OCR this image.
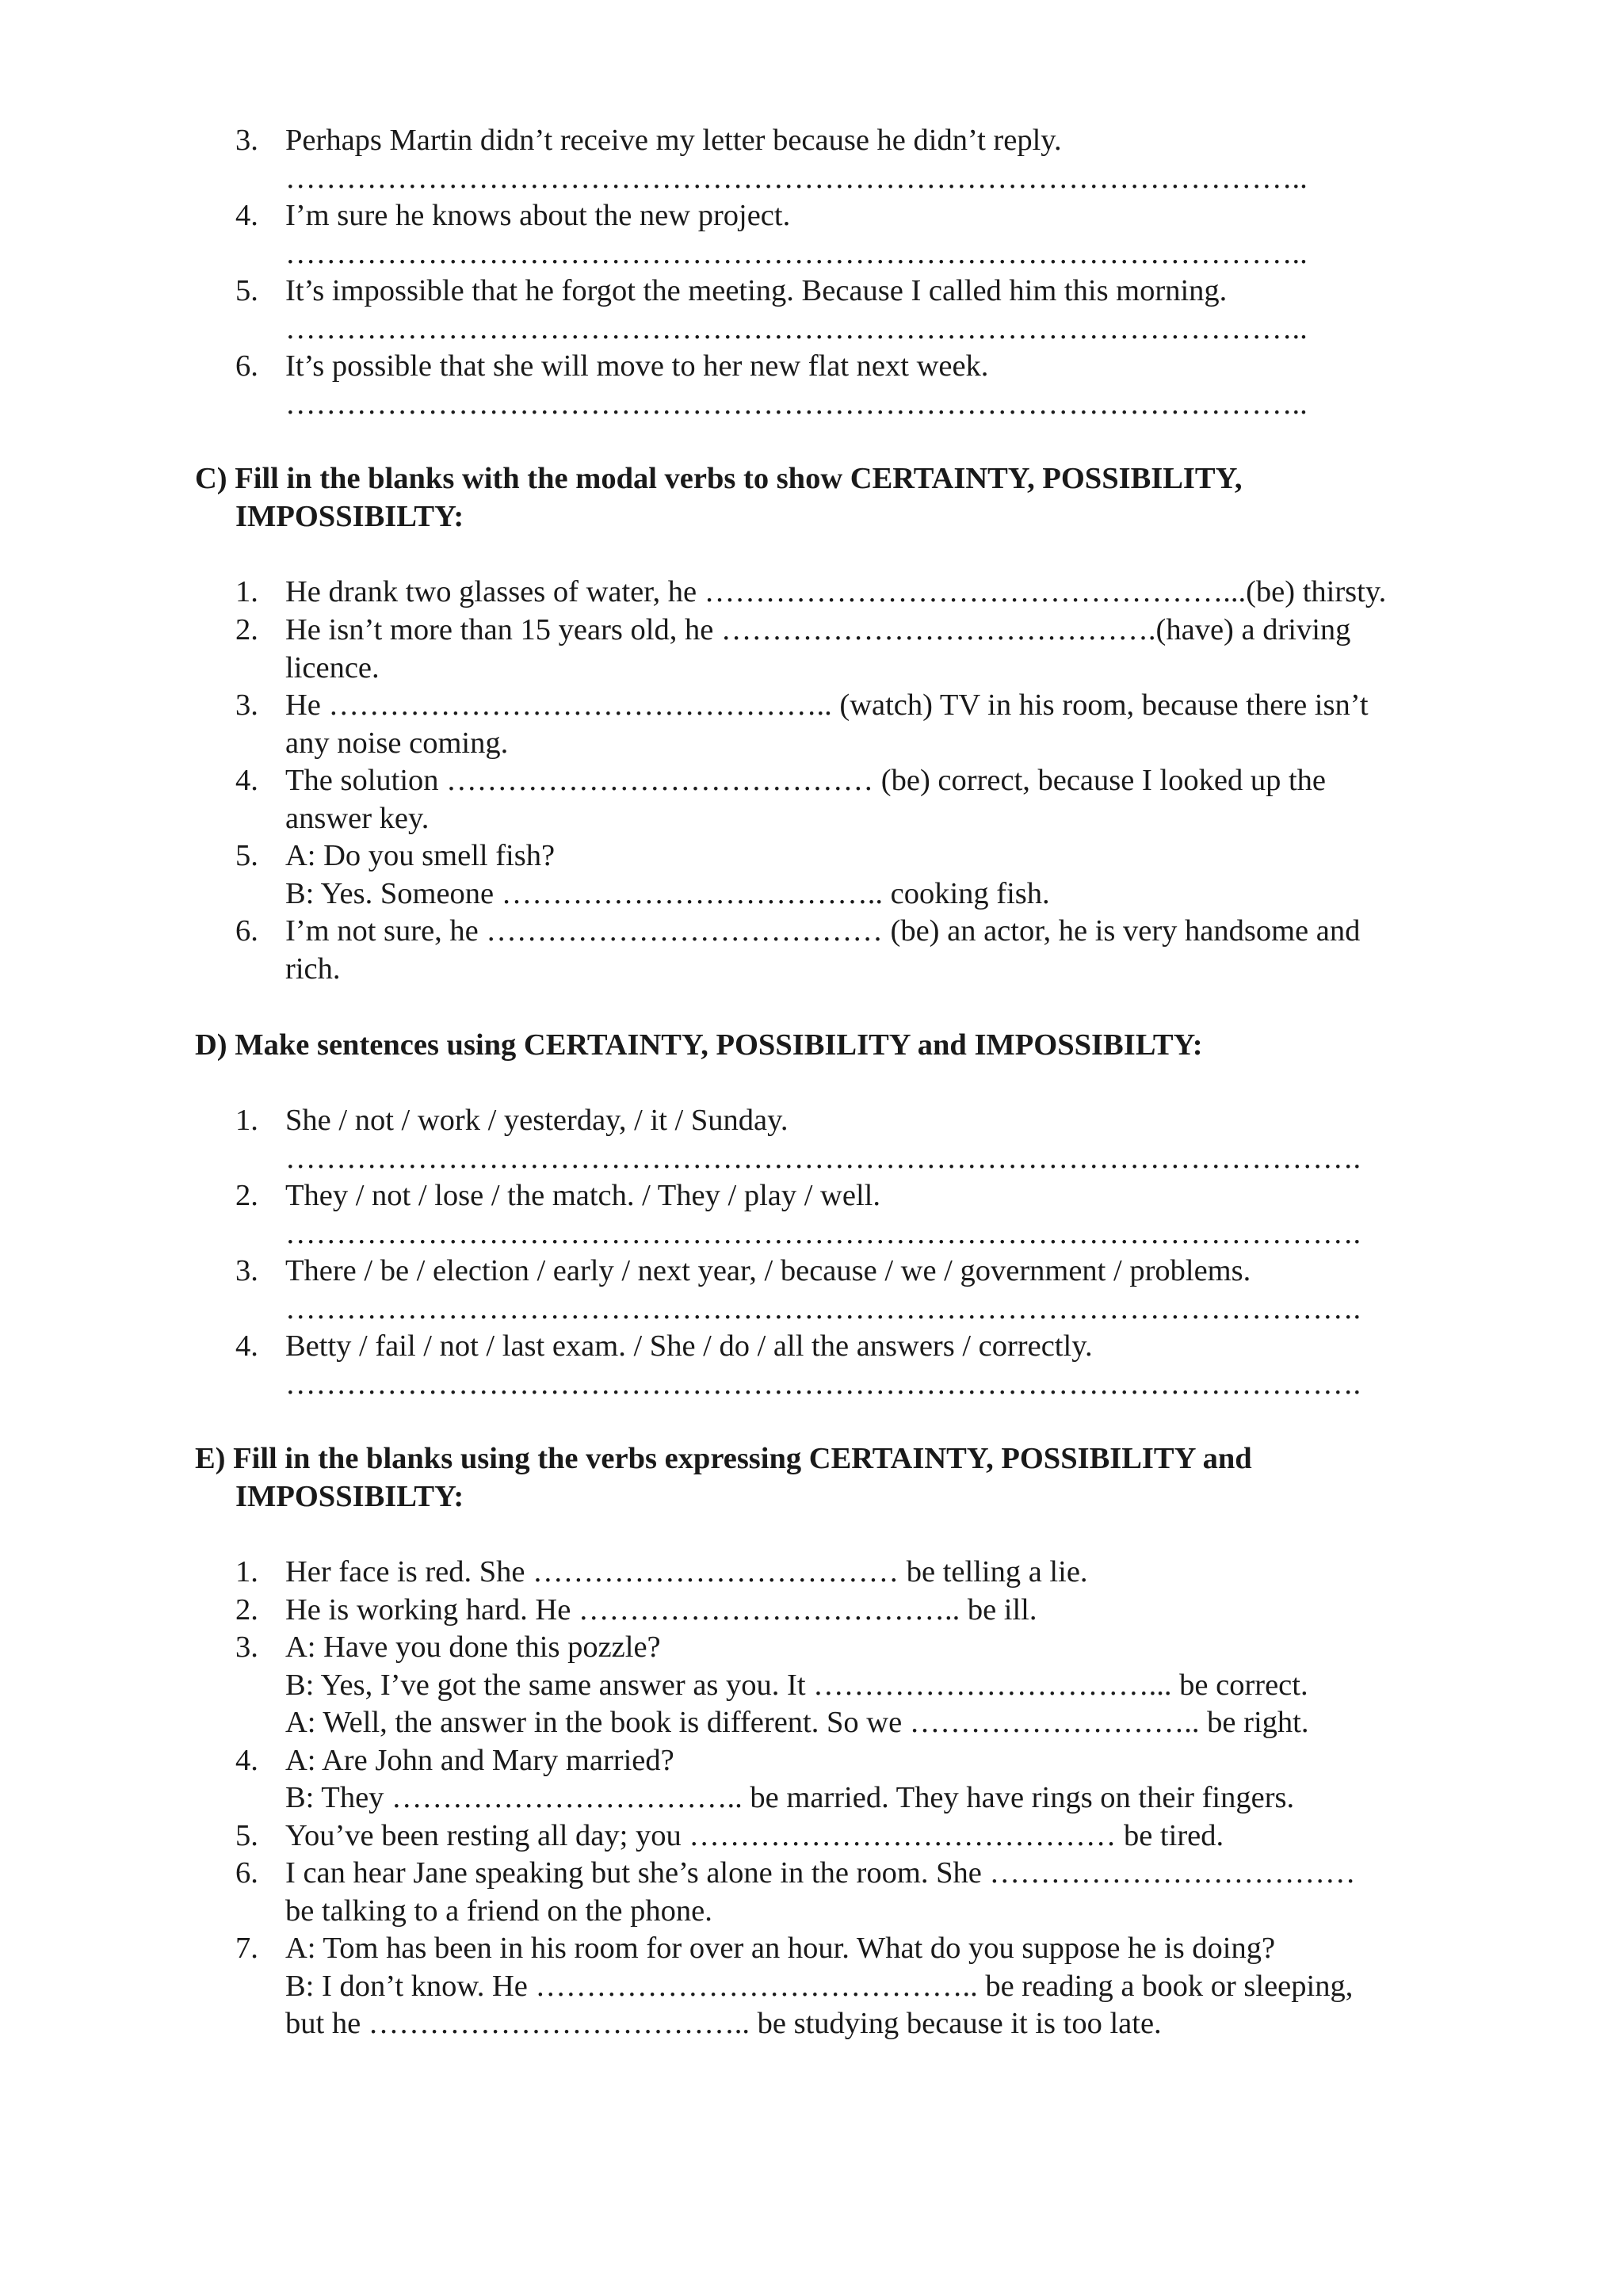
3. Perhaps Martin didn’t receive my letter because he didn’t reply.
………………………………………………………………………………………..
4. I’m sure he knows about the new project.
………………………………………………………………………………………..
5. It’s impossible that he forgot the meeting. Because I called him this morning.
………………………………………………………………………………………..
6. It’s possible that she will move to her new flat next week.
………………………………………………………………………………………..
C) Fill in the blanks with the modal verbs to show CERTAINTY, POSSIBILITY,
IMPOSSIBILTY:
1. He drank two glasses of water, he ……………………………………………...(be) thirsty.
2. He isn’t more than 15 years old, he …………………………………….(have) a driving
licence.
3. He ………………………………………….. (watch) TV in his room, because there isn’t
any noise coming.
4. The solution …………………………………… (be) correct, because I looked up the
answer key.
5. A: Do you smell fish?
B: Yes. Someone ……………………………….. cooking fish.
6. I’m not sure, he ………………………………… (be) an actor, he is very handsome and
rich.
D) Make sentences using CERTAINTY, POSSIBILITY and IMPOSSIBILTY:
1. She / not / work / yesterday, / it / Sunday.
…………………………………………………………………………………………….
2. They / not / lose / the match. / They / play / well.
…………………………………………………………………………………………….
3. There / be / election / early / next year, / because / we / government / problems.
…………………………………………………………………………………………….
4. Betty / fail / not / last exam. / She / do / all the answers / correctly.
…………………………………………………………………………………………….
E) Fill in the blanks using the verbs expressing CERTAINTY, POSSIBILITY and
IMPOSSIBILTY:
1. Her face is red. She ……………………………… be telling a lie.
2. He is working hard. He ……………………………….. be ill.
3. A: Have you done this pozzle?
B: Yes, I’ve got the same answer as you. It ……………………………... be correct.
A: Well, the answer in the book is different. So we ……………………….. be right.
4. A: Are John and Mary married?
B: They …………………………….. be married. They have rings on their fingers.
5. You’ve been resting all day; you …………………………………… be tired.
6. I can hear Jane speaking but she’s alone in the room. She ………………………………
be talking to a friend on the phone.
7. A: Tom has been in his room for over an hour. What do you suppose he is doing?
B: I don’t know. He …………………………………….. be reading a book or sleeping,
but he ……………………………….. be studying because it is too late.
